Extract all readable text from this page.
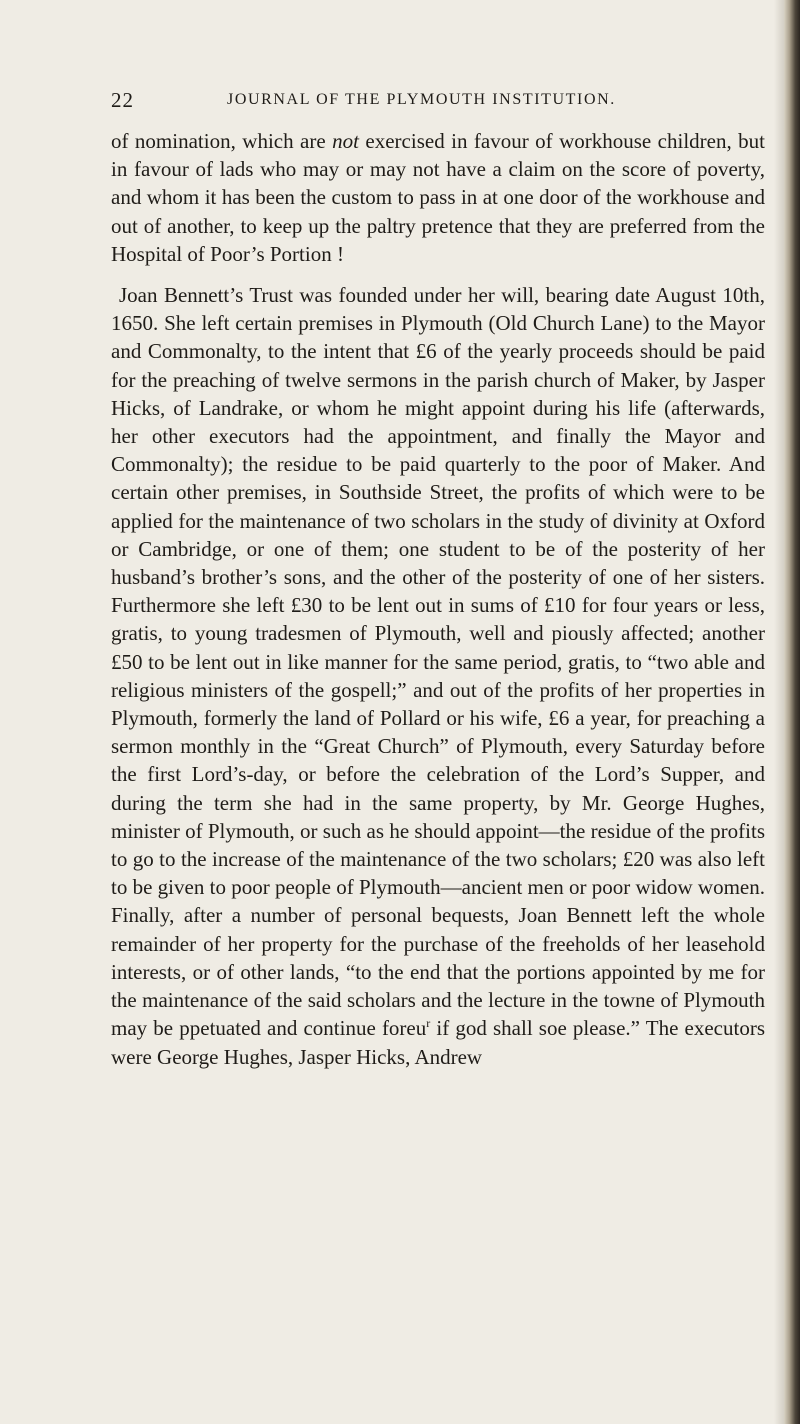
22	JOURNAL OF THE PLYMOUTH INSTITUTION.

of nomination, which are not exercised in favour of workhouse children, but in favour of lads who may or may not have a claim on the score of poverty, and whom it has been the custom to pass in at one door of the workhouse and out of another, to keep up the paltry pretence that they are preferred from the Hospital of Poor’s Portion !

Joan Bennett’s Trust was founded under her will, bearing date August 10th, 1650. She left certain premises in Plymouth (Old Church Lane) to the Mayor and Commonalty, to the intent that £6 of the yearly proceeds should be paid for the preaching of twelve sermons in the parish church of Maker, by Jasper Hicks, of Landrake, or whom he might appoint during his life (afterwards, her other executors had the appointment, and finally the Mayor and Commonalty); the residue to be paid quarterly to the poor of Maker. And certain other premises, in Southside Street, the profits of which were to be applied for the maintenance of two scholars in the study of divinity at Oxford or Cambridge, or one of them; one student to be of the posterity of her husband’s brother’s sons, and the other of the posterity of one of her sisters. Furthermore she left £30 to be lent out in sums of £10 for four years or less, gratis, to young tradesmen of Plymouth, well and piously affected; another £50 to be lent out in like manner for the same period, gratis, to “two able and religious ministers of the gospell;” and out of the profits of her properties in Plymouth, formerly the land of Pollard or his wife, £6 a year, for preaching a sermon monthly in the “Great Church” of Plymouth, every Saturday before the first Lord’s-day, or before the celebration of the Lord’s Supper, and during the term she had in the same property, by Mr. George Hughes, minister of Plymouth, or such as he should appoint—the residue of the profits to go to the increase of the maintenance of the two scholars; £20 was also left to be given to poor people of Plymouth—ancient men or poor widow women. Finally, after a number of personal bequests, Joan Bennett left the whole remainder of her property for the purchase of the freeholds of her leasehold interests, or of other lands, “to the end that the portions appointed by me for the maintenance of the said scholars and the lecture in the towne of Plymouth may be ppetuated and continue foreu$^r$ if god shall soe please.” The executors were George Hughes, Jasper Hicks, Andrew
